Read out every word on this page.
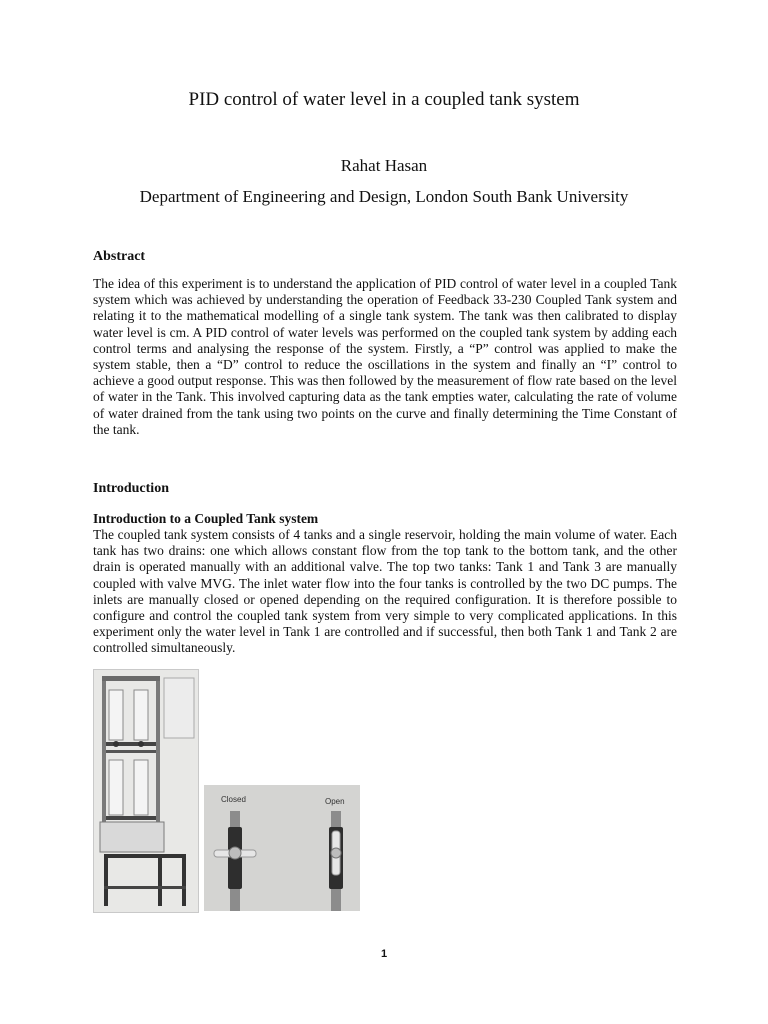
PID control of water level in a coupled tank system
Rahat Hasan
Department of Engineering and Design, London South Bank University
Abstract

The idea of this experiment is to understand the application of PID control of water level in a coupled Tank system which was achieved by understanding the operation of Feedback 33-230 Coupled Tank system and relating it to the mathematical modelling of a single tank system. The tank was then calibrated to display water level is cm. A PID control of water levels was performed on the coupled tank system by adding each control terms and analysing the response of the system. Firstly, a “P” control was applied to make the system stable, then a “D” control to reduce the oscillations in the system and finally an “I” control to achieve a good output response. This was then followed by the measurement of flow rate based on the level of water in the Tank. This involved capturing data as the tank empties water, calculating the rate of volume of water drained from the tank using two points on the curve and finally determining the Time Constant of the tank.

Introduction
Introduction to a Coupled Tank system

The coupled tank system consists of 4 tanks and a single reservoir, holding the main volume of water. Each tank has two drains: one which allows constant flow from the top tank to the bottom tank, and the other drain is operated manually with an additional valve. The top two tanks: Tank 1 and Tank 3 are manually coupled with valve MVG. The inlet water flow into the four tanks is controlled by the two DC pumps. The inlets are manually closed or opened depending on the required configuration. It is therefore possible to configure and control the coupled tank system from very simple to very complicated applications. In this experiment only the water level in Tank 1 are controlled and if successful, then both Tank 1 and Tank 2 are controlled simultaneously.

Closed	Open
1
